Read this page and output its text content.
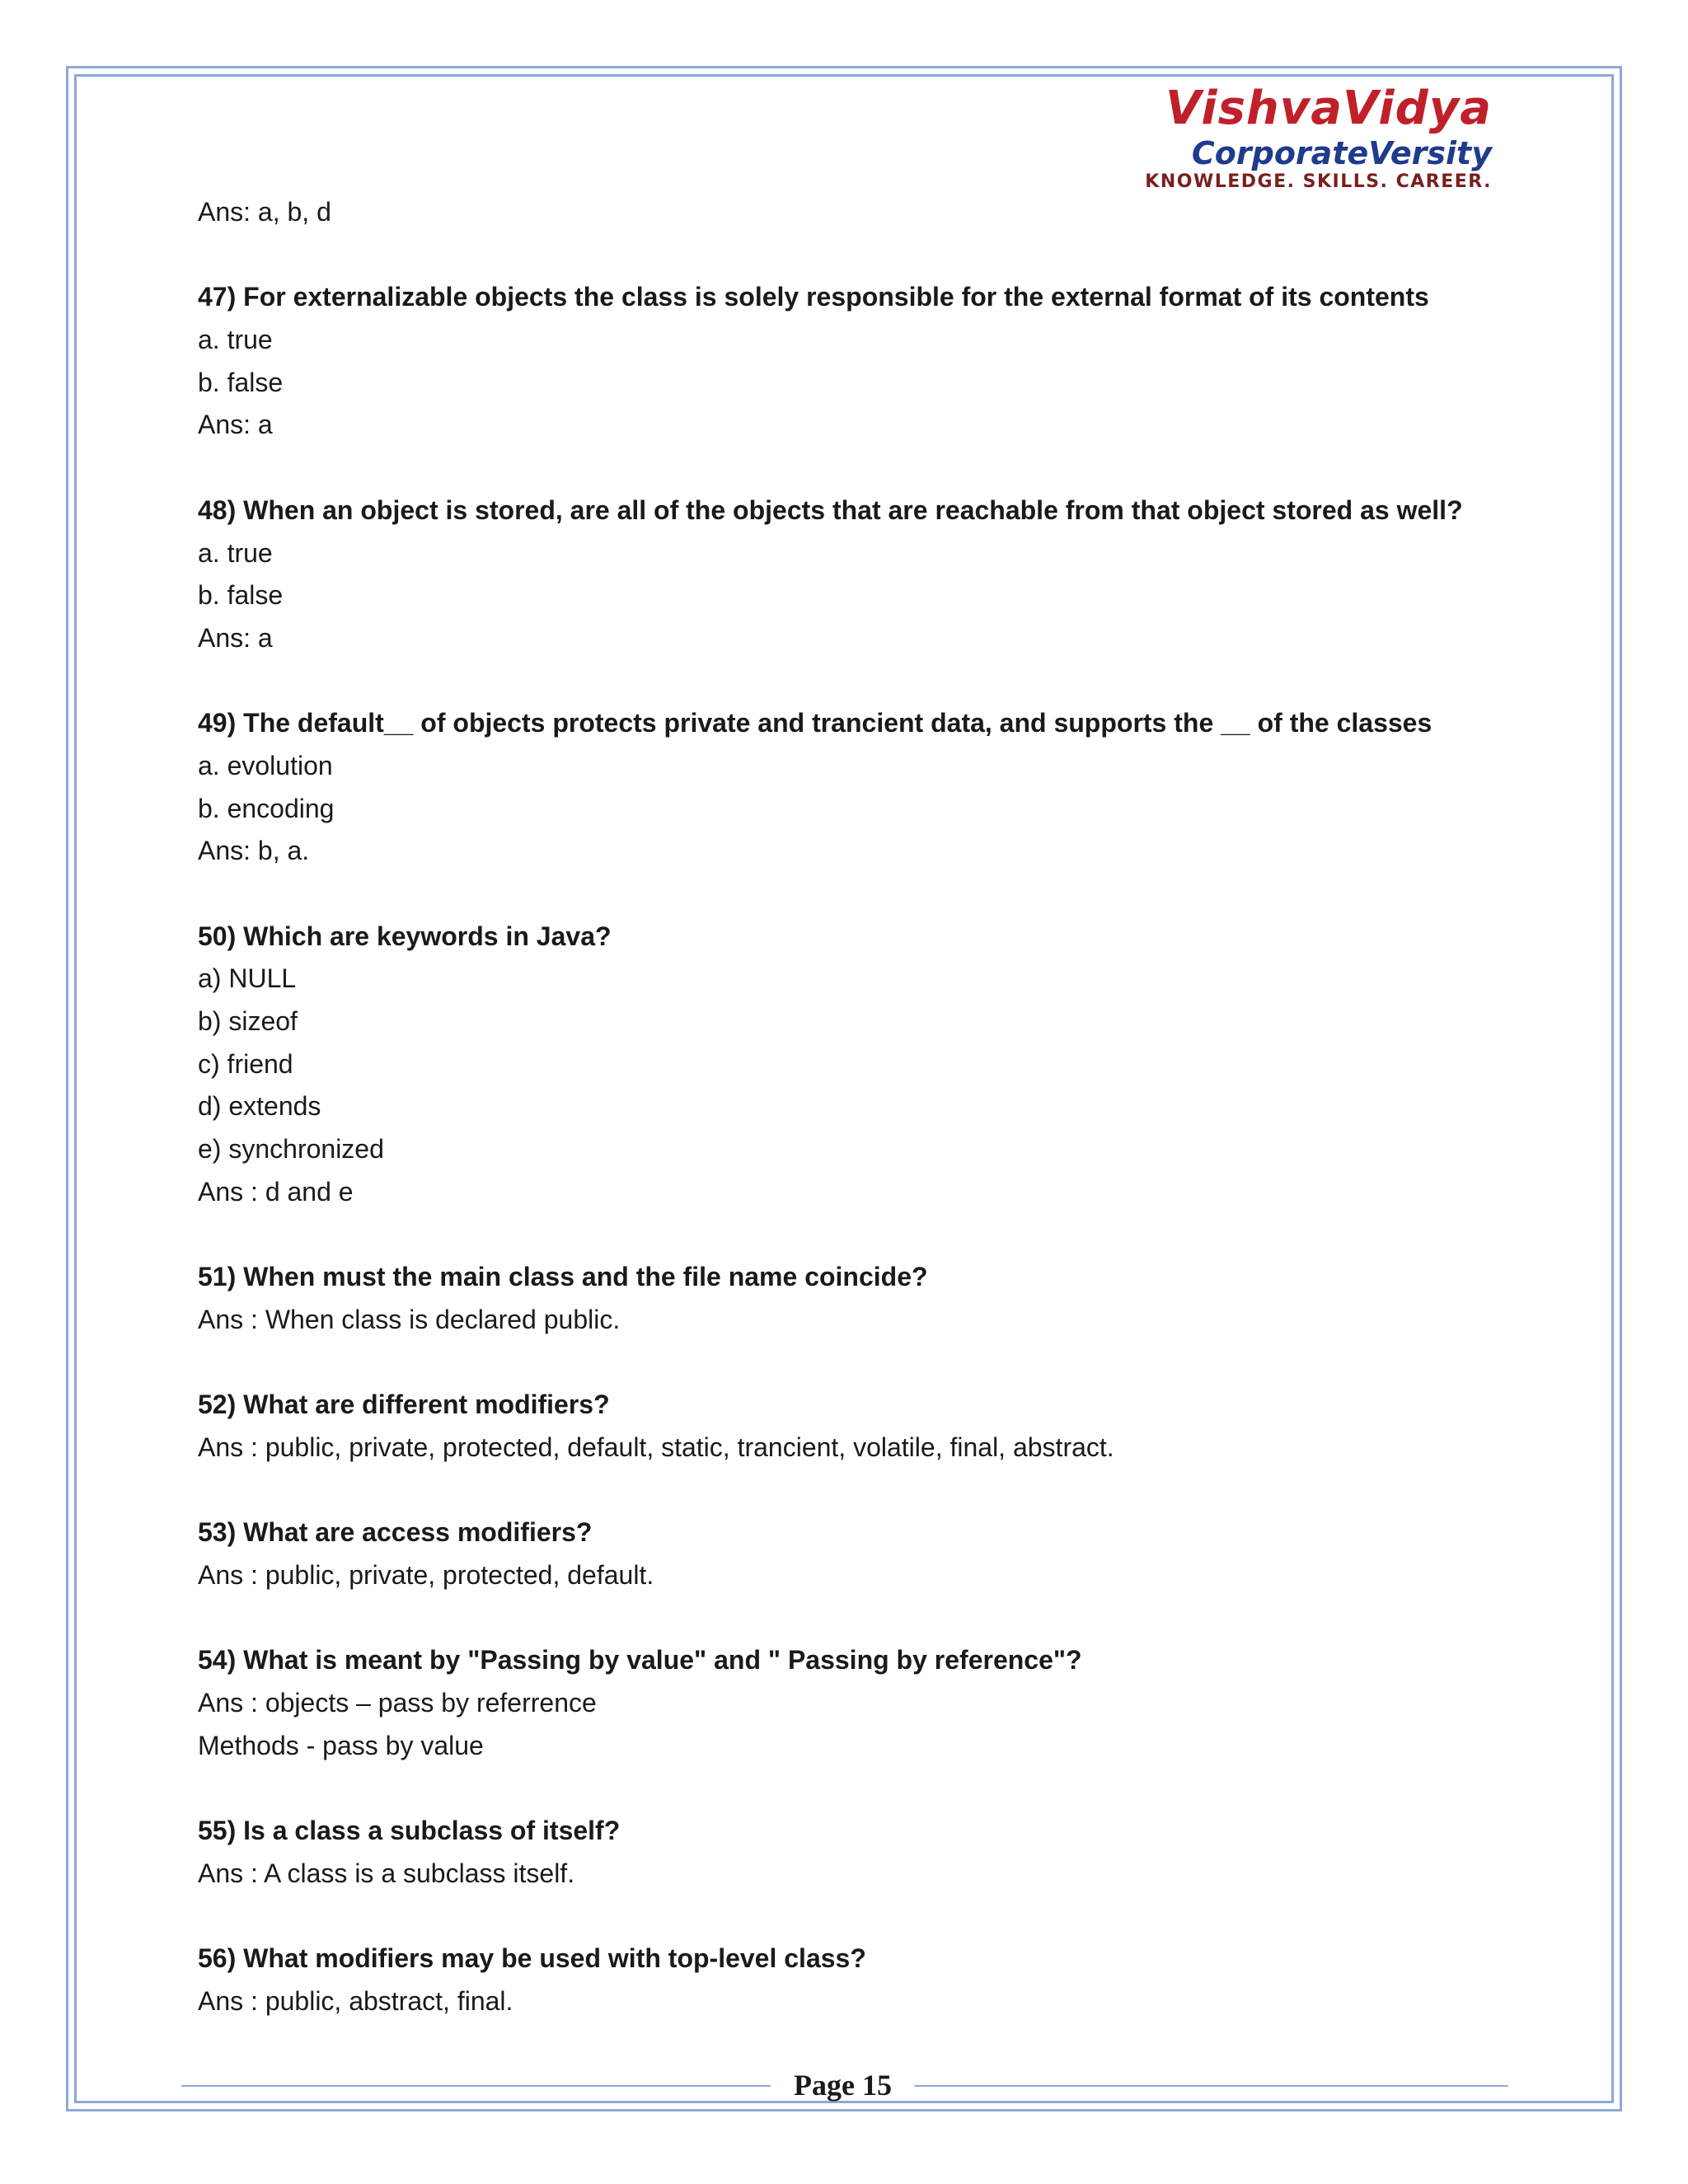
VishvaVidya
CorporateVersity
KNOWLEDGE. SKILLS. CAREER.
Ans: a, b, d
47) For externalizable objects the class is solely responsible for the external format of its contents
a. true
b. false
Ans: a
48) When an object is stored, are all of the objects that are reachable from that object stored as well?
a. true
b. false
Ans: a
49) The default__ of objects protects private and trancient data, and supports the __ of the classes
a. evolution
b. encoding
Ans: b, a.
50) Which are keywords in Java?
a) NULL
b) sizeof
c) friend
d) extends
e) synchronized
Ans : d and e
51) When must the main class and the file name coincide?
Ans : When class is declared public.
52) What are different modifiers?
Ans : public, private, protected, default, static, trancient, volatile, final, abstract.
53) What are access modifiers?
Ans : public, private, protected, default.
54) What is meant by "Passing by value" and " Passing by reference"?
Ans : objects – pass by referrence
Methods - pass by value
55) Is a class a subclass of itself?
Ans : A class is a subclass itself.
56) What modifiers may be used with top-level class?
Ans : public, abstract, final.
Page 15
